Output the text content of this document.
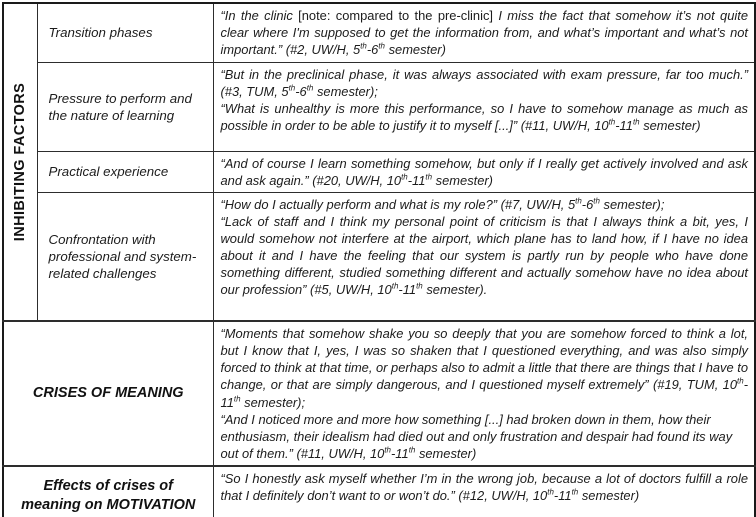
INHIBITING FACTORS	Transition phases	“In the clinic [note: compared to the pre-clinic] I miss the fact that somehow it’s not quite clear where I'm supposed to get the information from, and what’s important and what’s not important.” (#2, UW/H, 5th-6th semester)

	Pressure to perform and the nature of learning	“But in the preclinical phase, it was always associated with exam pressure, far too much.” (#3, TUM, 5th-6th semester);

“What is unhealthy is more this performance, so I have to somehow manage as much as possible in order to be able to justify it to myself [...]” (#11, UW/H, 10th-11th semester)

	Practical experience	“And of course I learn something somehow, but only if I really get actively involved and ask and ask again.” (#20, UW/H, 10th-11th semester)

	Confrontation with professional and system-related challenges	“How do I actually perform and what is my role?” (#7, UW/H, 5th-6th semester);

“Lack of staff and I think my personal point of criticism is that I always think a bit, yes, I would somehow not interfere at the airport, which plane has to land how, if I have no idea about it and I have the feeling that our system is partly run by people who have done something different, studied something different and actually somehow have no idea about our profession” (#5, UW/H, 10th-11th semester).

CRISES OF MEANING		“Moments that somehow shake you so deeply that you are somehow forced to think a lot, but I know that I, yes, I was so shaken that I questioned everything, and was also simply forced to think at that time, or perhaps also to admit a little that there are things that I have to change, or that are simply dangerous, and I questioned myself extremely” (#19, TUM, 10th-11th semester);

“And I noticed more and more how something [...] had broken down in them, how their enthusiasm, their idealism had died out and only frustration and despair had found its way out of them.” (#11, UW/H, 10th-11th semester)

Effects of crises of meaning on MOTIVATION		“So I honestly ask myself whether I’m in the wrong job, because a lot of doctors fulfill a role that I definitely don’t want to or won’t do.” (#12, UW/H, 10th-11th semester)
